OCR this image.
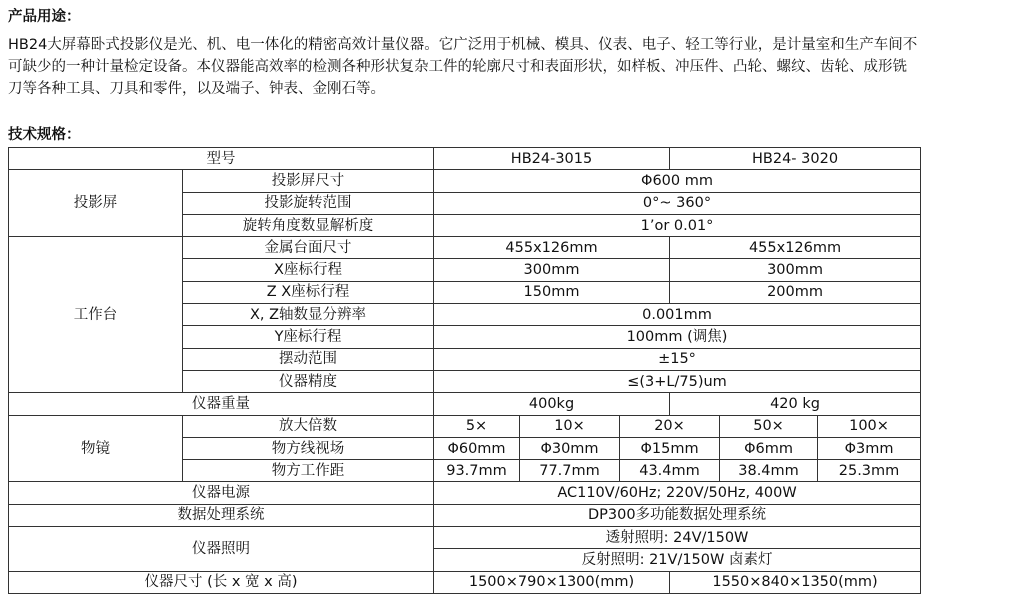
产品用途：
HB24大屏幕卧式投影仪是光、机、电一体化的精密高效计量仪器。它广泛用于机械、模具、仪表、电子、轻工等行业，是计量室和生产车间不
可缺少的一种计量检定设备。本仪器能高效率的检测各种形状复杂工件的轮廓尺寸和表面形状，如样板、冲压件、凸轮、螺纹、齿轮、成形铣
刀等各种工具、刀具和零件，以及端子、钟表、金刚石等。
技术规格：
型号		HB24-3015			HB24- 3020		
投影屏	投影屏尺寸	Φ600 mm					
	投影旋转范围	0°~ 360°					
	旋转角度数显解析度	1’or 0.01°					
工作台	金属台面尺寸	455x126mm			455x126mm		
	X座标行程	300mm			300mm		
	Z X座标行程	150mm			200mm		
	X, Z轴数显分辨率	0.001mm					
	Y座标行程	100mm (调焦)					
	摆动范围	±15°					
	仪器精度	≤(3+L/75)um					
仪器重量		400kg			420 kg		
物镜	放大倍数	5×	10×	20×		50×	100×
	物方线视场	Φ60mm	Φ30mm	Φ15mm		Φ6mm	Φ3mm
	物方工作距	93.7mm	77.7mm	43.4mm		38.4mm	25.3mm
仪器电源		AC110V/60Hz; 220V/50Hz, 400W					
数据处理系统		DP300多功能数据处理系统					
仪器照明		透射照明: 24V/150W					
		反射照明: 21V/150W 卤素灯					
仪器尺寸 (长 x 宽 x 高)		1500×790×1300(mm)			1550×840×1350(mm)		
